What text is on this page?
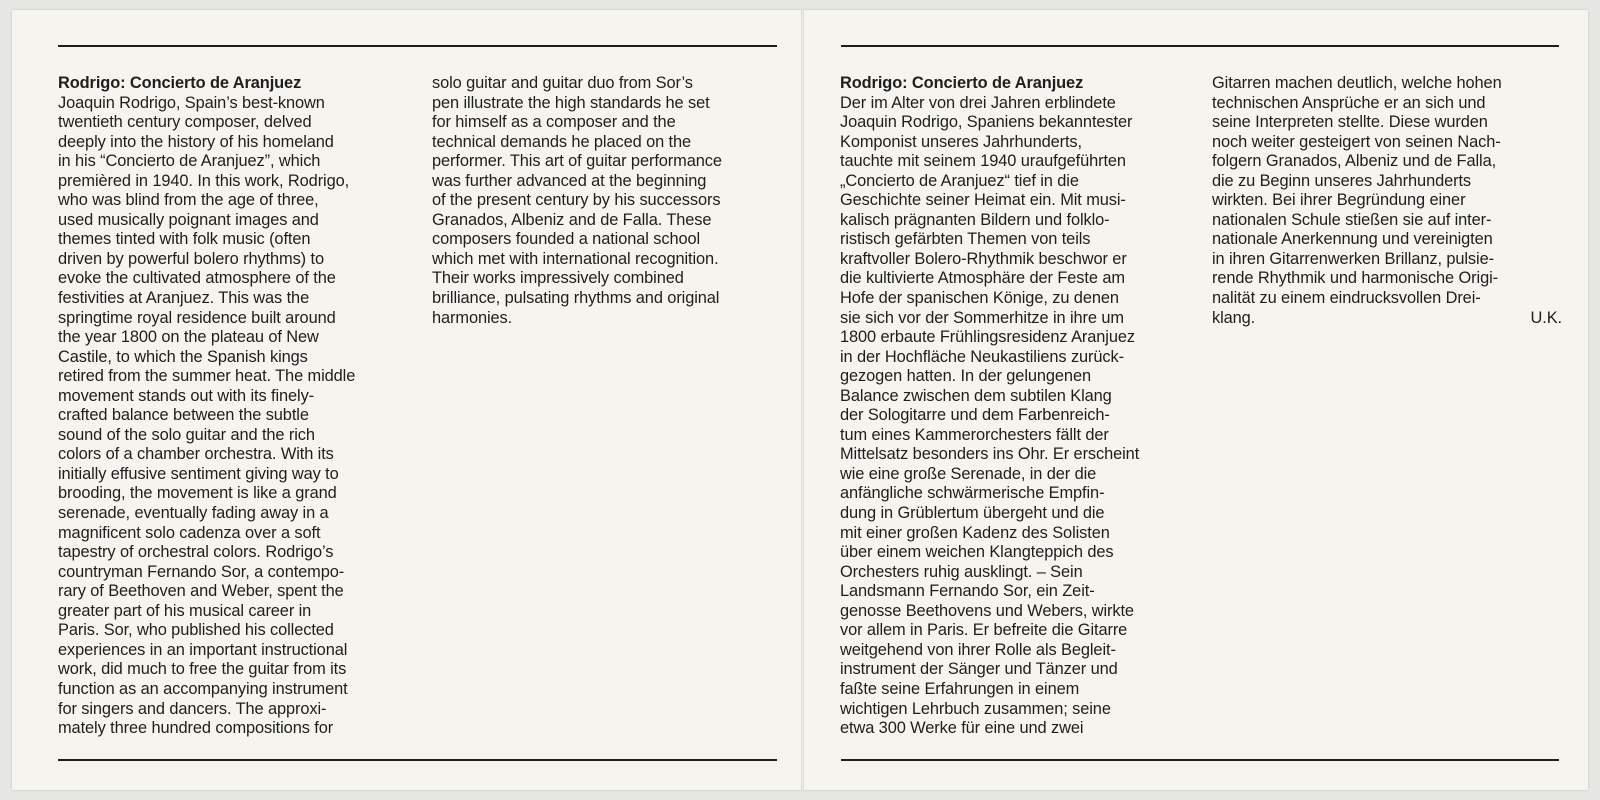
Rodrigo: Concierto de Aranjuez
Joaquin Rodrigo, Spain’s best-known
twentieth century composer, delved
deeply into the history of his homeland
in his “Concierto de Aranjuez”, which
premièred in 1940. In this work, Rodrigo,
who was blind from the age of three,
used musically poignant images and
themes tinted with folk music (often
driven by powerful bolero rhythms) to
evoke the cultivated atmosphere of the
festivities at Aranjuez. This was the
springtime royal residence built around
the year 1800 on the plateau of New
Castile, to which the Spanish kings
retired from the summer heat. The middle
movement stands out with its finely-
crafted balance between the subtle
sound of the solo guitar and the rich
colors of a chamber orchestra. With its
initially effusive sentiment giving way to
brooding, the movement is like a grand
serenade, eventually fading away in a
magnificent solo cadenza over a soft
tapestry of orchestral colors. Rodrigo’s
countryman Fernando Sor, a contempo-
rary of Beethoven and Weber, spent the
greater part of his musical career in
Paris. Sor, who published his collected
experiences in an important instructional
work, did much to free the guitar from its
function as an accompanying instrument
for singers and dancers. The approxi-
mately three hundred compositions for
solo guitar and guitar duo from Sor’s
pen illustrate the high standards he set
for himself as a composer and the
technical demands he placed on the
performer. This art of guitar performance
was further advanced at the beginning
of the present century by his successors
Granados, Albeniz and de Falla. These
composers founded a national school
which met with international recognition.
Their works impressively combined
brilliance, pulsating rhythms and original
harmonies.
Rodrigo: Concierto de Aranjuez
Der im Alter von drei Jahren erblindete
Joaquin Rodrigo, Spaniens bekanntester
Komponist unseres Jahrhunderts,
tauchte mit seinem 1940 uraufgeführten
„Concierto de Aranjuez“ tief in die
Geschichte seiner Heimat ein. Mit musi-
kalisch prägnanten Bildern und folklo-
ristisch gefärbten Themen von teils
kraftvoller Bolero-Rhythmik beschwor er
die kultivierte Atmosphäre der Feste am
Hofe der spanischen Könige, zu denen
sie sich vor der Sommerhitze in ihre um
1800 erbaute Frühlingsresidenz Aranjuez
in der Hochfläche Neukastiliens zurück-
gezogen hatten. In der gelungenen
Balance zwischen dem subtilen Klang
der Sologitarre und dem Farbenreich-
tum eines Kammerorchesters fällt der
Mittelsatz besonders ins Ohr. Er erscheint
wie eine große Serenade, in der die
anfängliche schwärmerische Empfin-
dung in Grüblertum übergeht und die
mit einer großen Kadenz des Solisten
über einem weichen Klangteppich des
Orchesters ruhig ausklingt. – Sein
Landsmann Fernando Sor, ein Zeit-
genosse Beethovens und Webers, wirkte
vor allem in Paris. Er befreite die Gitarre
weitgehend von ihrer Rolle als Begleit-
instrument der Sänger und Tänzer und
faßte seine Erfahrungen in einem
wichtigen Lehrbuch zusammen; seine
etwa 300 Werke für eine und zwei
Gitarren machen deutlich, welche hohen
technischen Ansprüche er an sich und
seine Interpreten stellte. Diese wurden
noch weiter gesteigert von seinen Nach-
folgern Granados, Albeniz und de Falla,
die zu Beginn unseres Jahrhunderts
wirkten. Bei ihrer Begründung einer
nationalen Schule stießen sie auf inter-
nationale Anerkennung und vereinigten
in ihren Gitarrenwerken Brillanz, pulsie-
rende Rhythmik und harmonische Origi-
nalität zu einem eindrucksvollen Drei-
klang.	U.K.
